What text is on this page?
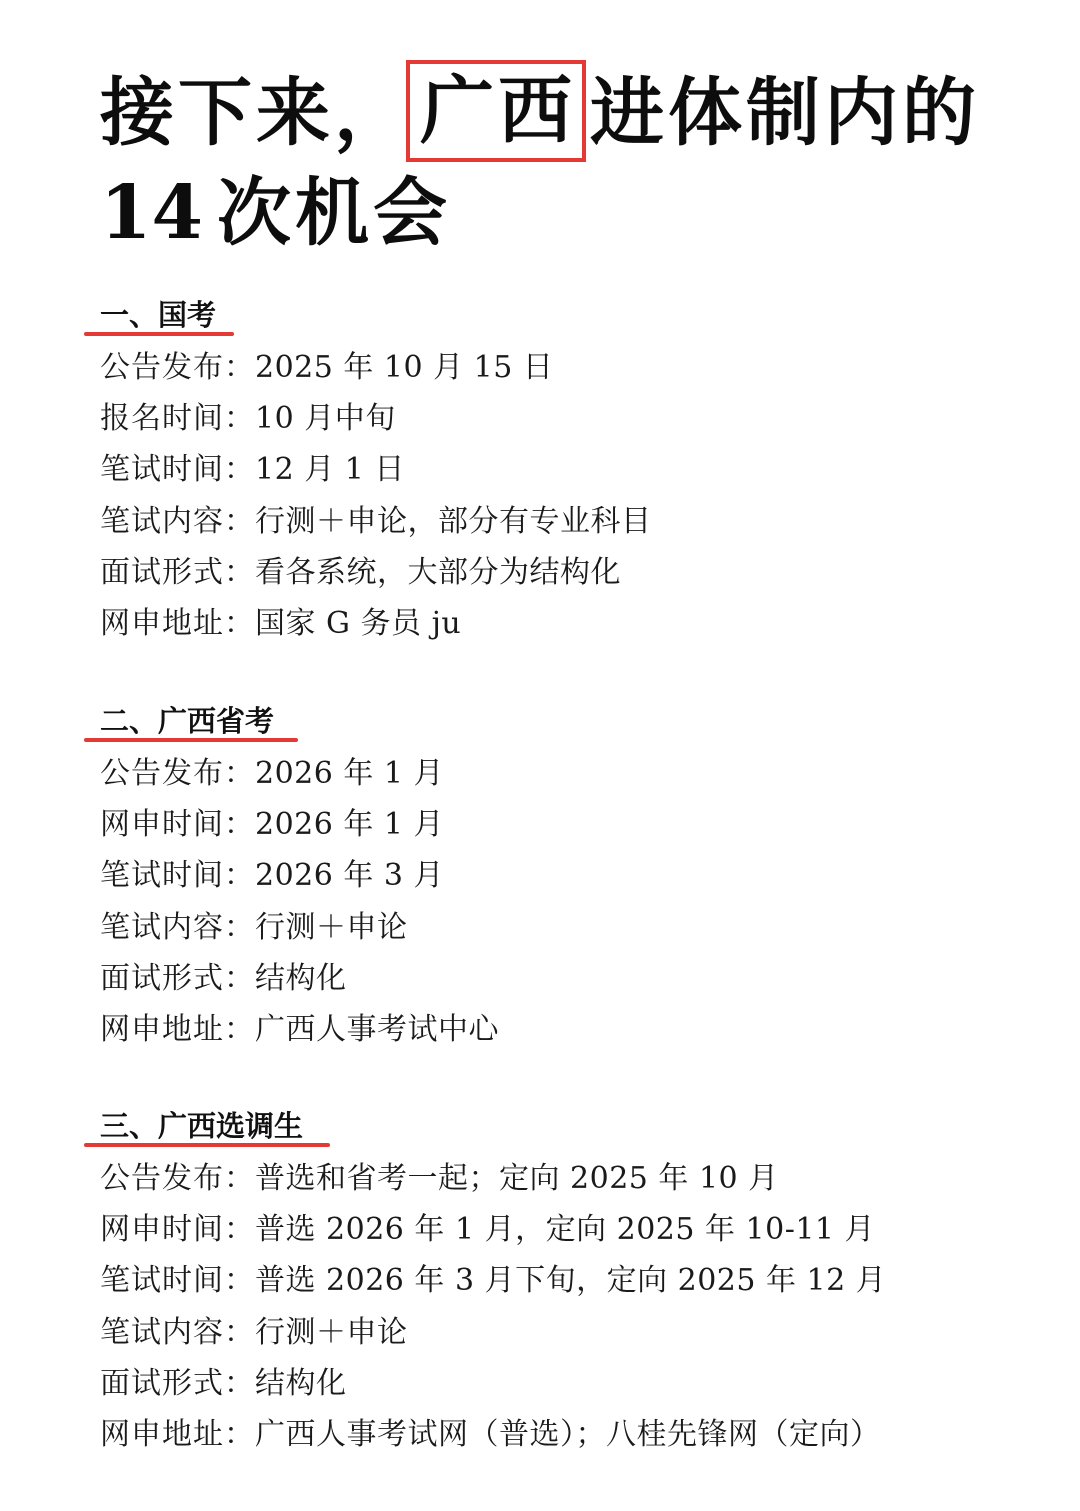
接下来， 广西 进体制内的
14 次机会
一、国考
公告发布：2025 年 10 月 15 日
报名时间：10 月中旬
笔试时间：12 月 1 日
笔试内容：行测＋申论，部分有专业科目
面试形式：看各系统，大部分为结构化
网申地址：国家 G 务员 ju
二、广西省考
公告发布：2026 年 1 月
网申时间：2026 年 1 月
笔试时间：2026 年 3 月
笔试内容：行测＋申论
面试形式：结构化
网申地址：广西人事考试中心
三、广西选调生
公告发布：普选和省考一起；定向 2025 年 10 月
网申时间：普选 2026 年 1 月，定向 2025 年 10-11 月
笔试时间：普选 2026 年 3 月下旬，定向 2025 年 12 月
笔试内容：行测＋申论
面试形式：结构化
网申地址：广西人事考试网（普选）；八桂先锋网（定向）
